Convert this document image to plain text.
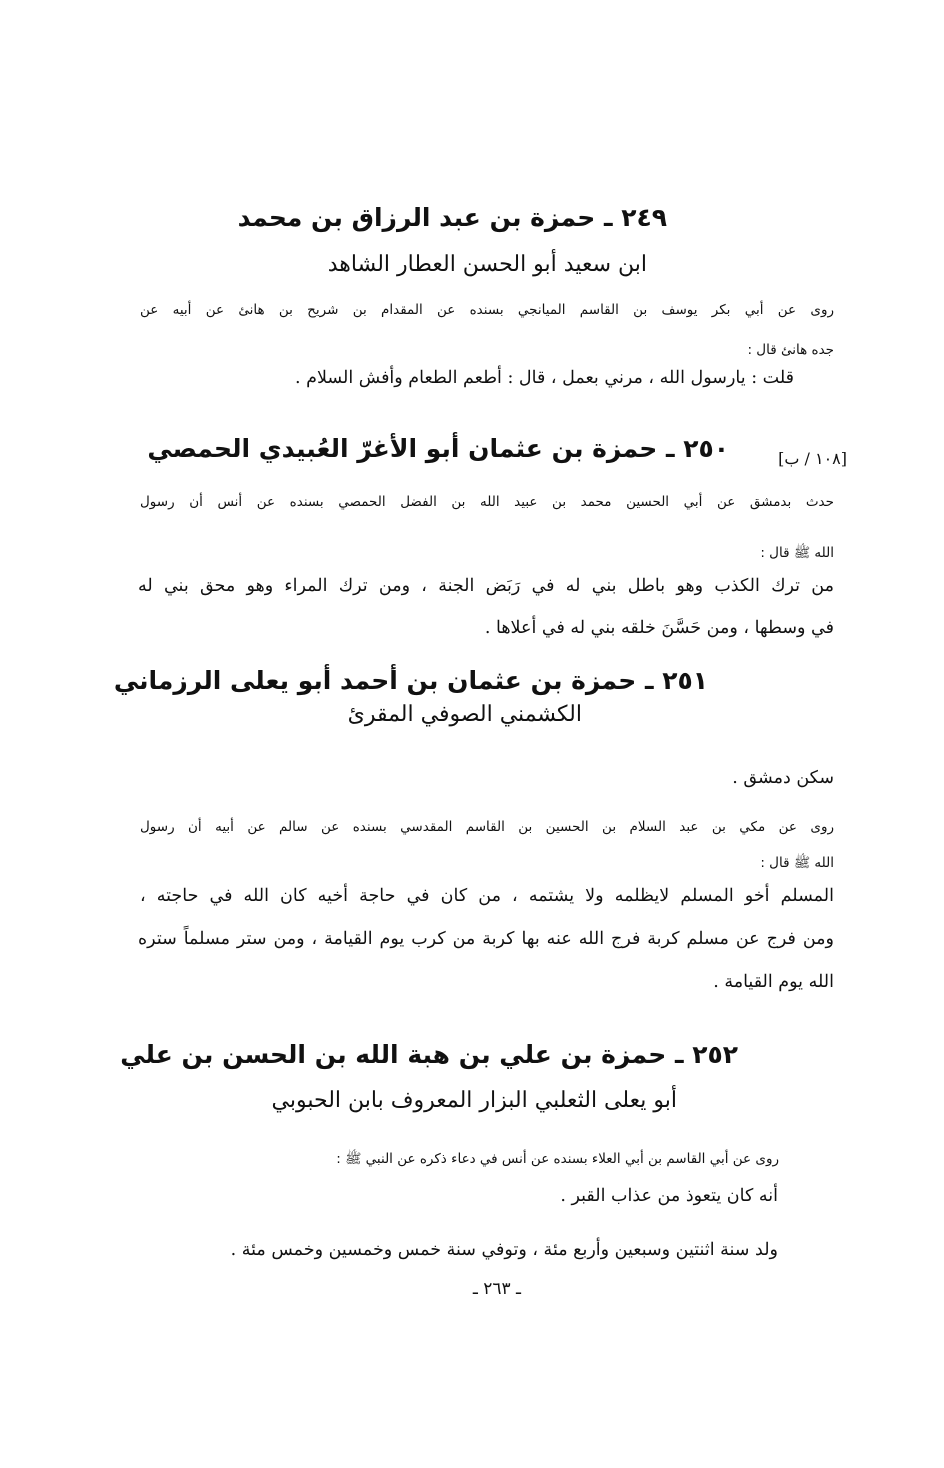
٢٤٩ ـ حمزة بن عبد الرزاق بن محمد
ابن سعيد أبو الحسن العطار الشاهد
روى عن أبي بكر يوسف بن القاسم الميانجي بسنده عن المقدام بن شريح بن هانئ عن أبيه عن
جده هانئ قال :
قلت : يارسول الله ، مرني بعمل ، قال : أطعم الطعام وأفش السلام .
[١٠٨ / ب]
٢٥٠ ـ حمزة بن عثمان أبو الأغرّ العُبيدي الحمصي
حدث بدمشق عن أبي الحسين محمد بن عبيد الله بن الفضل الحمصي بسنده عن أنس أن رسول
الله ﷺ قال :
من ترك الكذب وهو باطل بني له في رَبَض الجنة ، ومن ترك المراء وهو محق بني له
في وسطها ، ومن حَسَّنَ خلقه بني له في أعلاها .
٢٥١ ـ حمزة بن عثمان بن أحمد أبو يعلى الرزماني
الكشمني الصوفي المقرئ
سكن دمشق .
روى عن مكي بن عبد السلام بن الحسين بن القاسم المقدسي بسنده عن سالم عن أبيه أن رسول
الله ﷺ قال :
المسلم أخو المسلم لايظلمه ولا يشتمه ، من كان في حاجة أخيه كان الله في حاجته ،
ومن فرج عن مسلم كربة فرج الله عنه بها كربة من كرب يوم القيامة ، ومن ستر مسلماً ستره
الله يوم القيامة .
٢٥٢ ـ حمزة بن علي بن هبة الله بن الحسن بن علي
أبو يعلى الثعلبي البزار المعروف بابن الحبوبي
روى عن أبي القاسم بن أبي العلاء بسنده عن أنس في دعاء ذكره عن النبي ﷺ :
أنه كان يتعوذ من عذاب القبر .
ولد سنة اثنتين وسبعين وأربع مئة ، وتوفي سنة خمس وخمسين وخمس مئة .
ـ ٢٦٣ ـ
